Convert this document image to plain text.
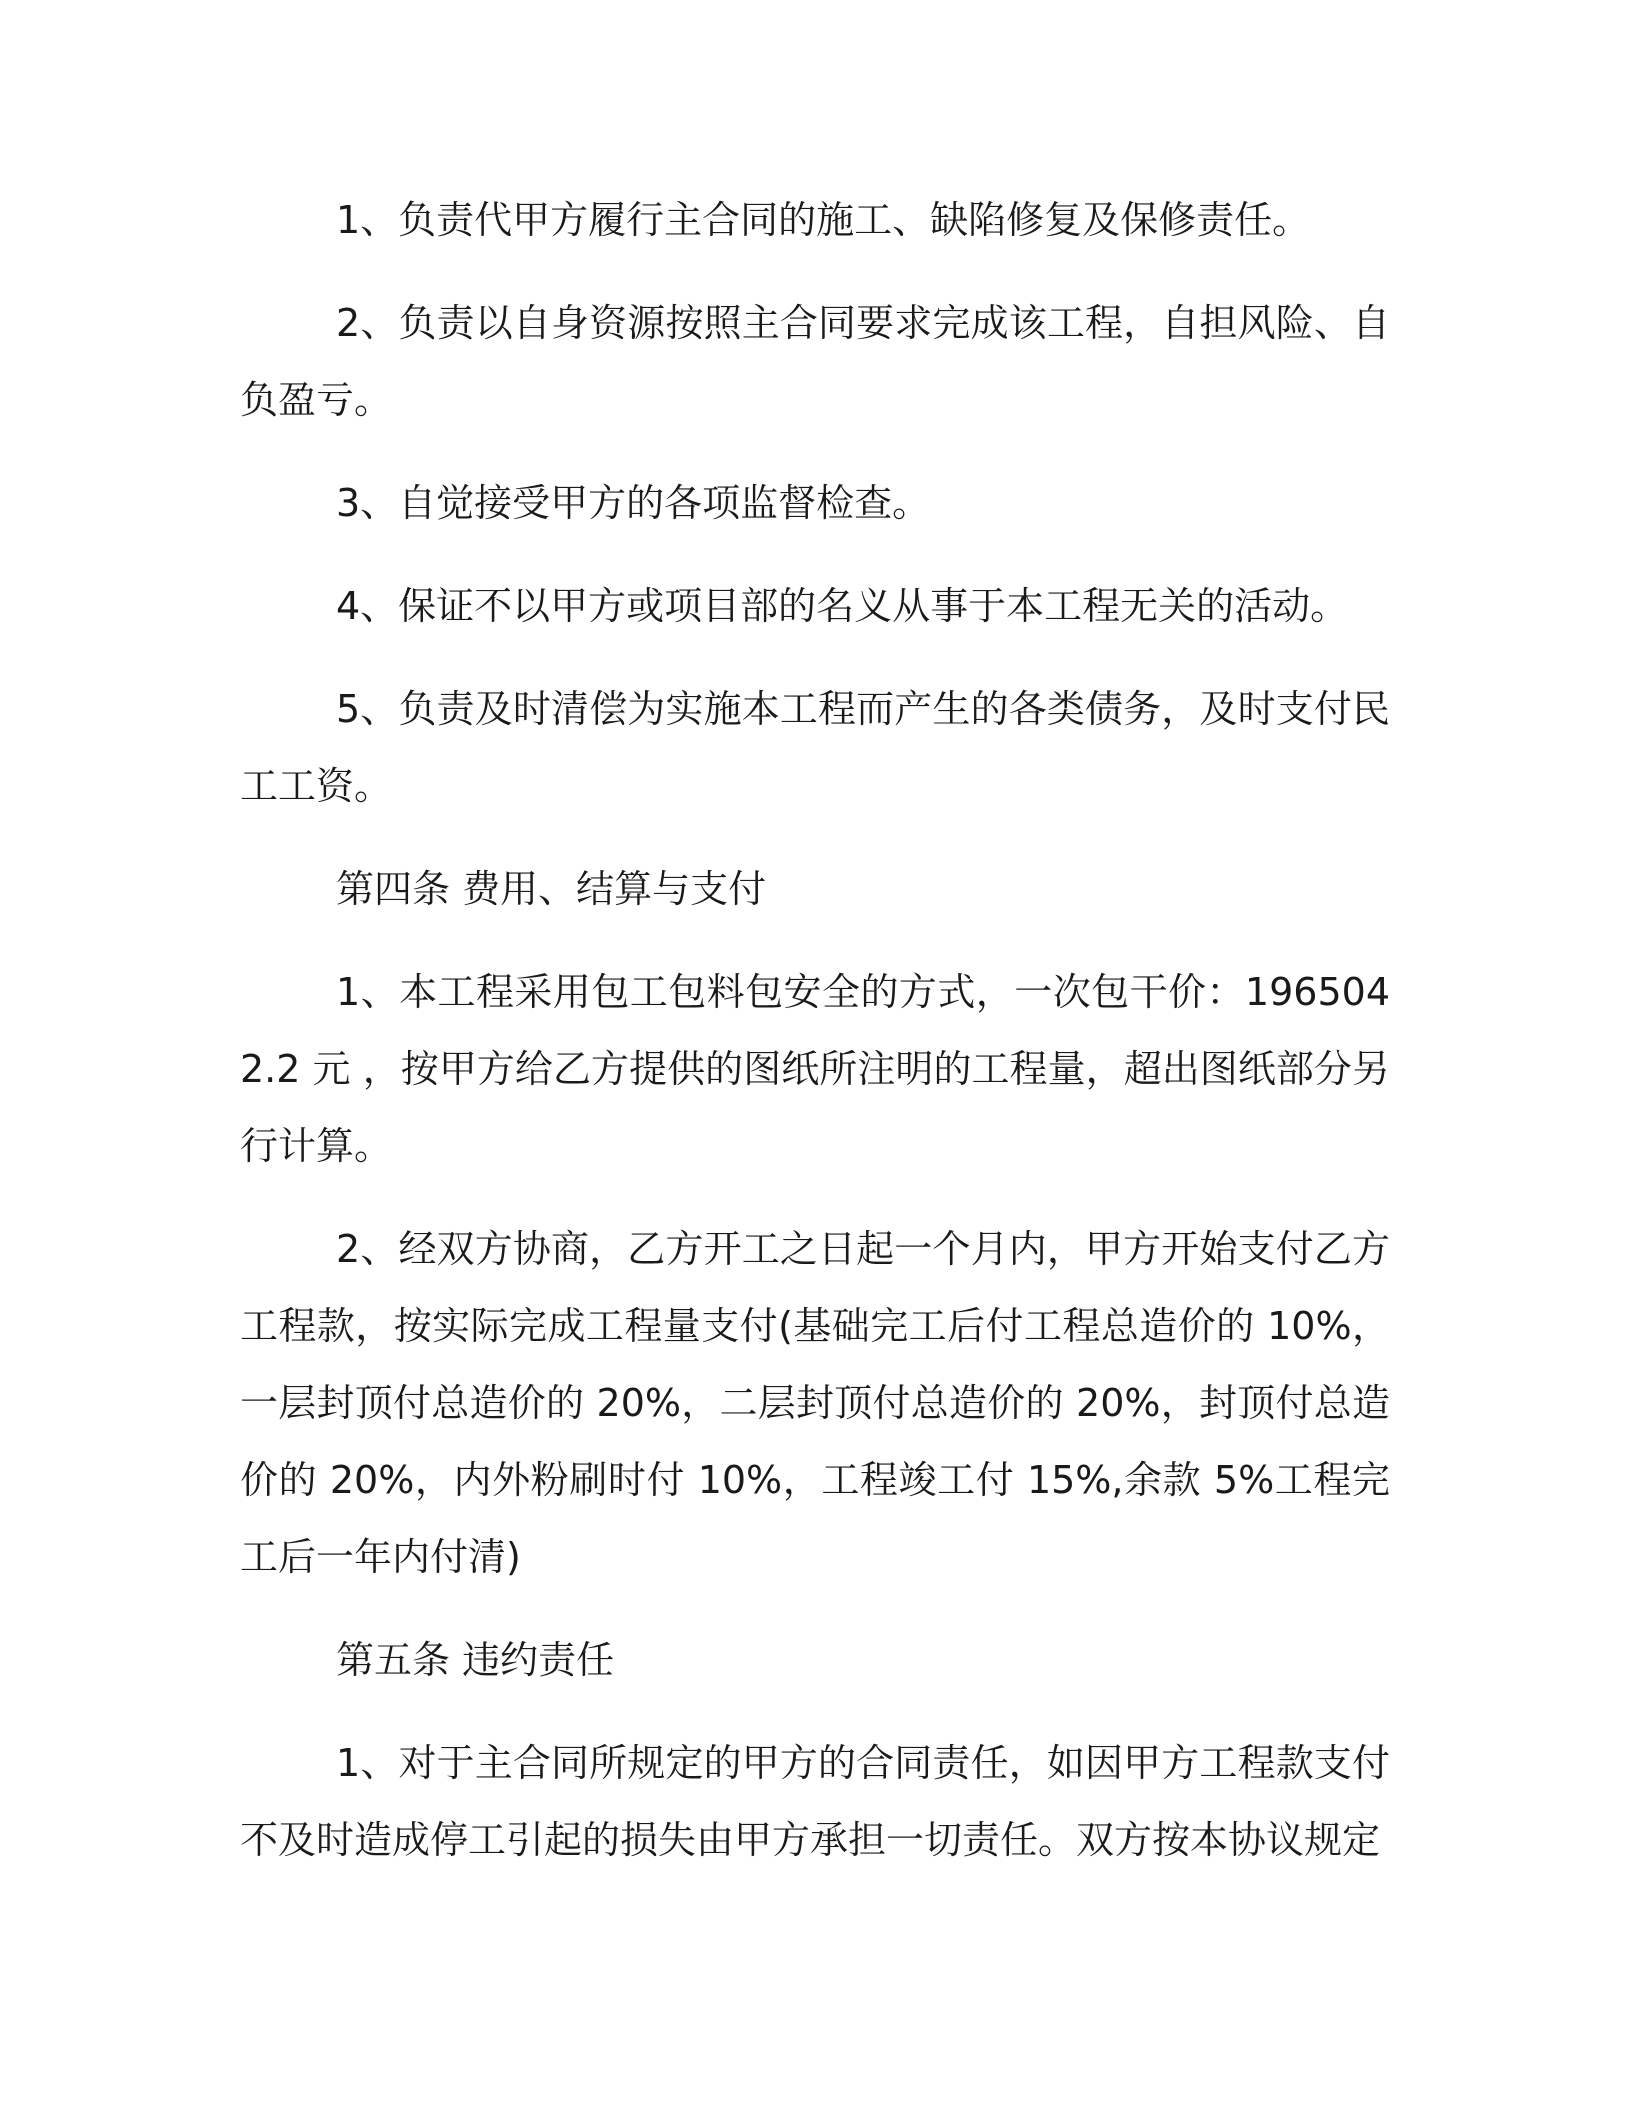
1、负责代甲方履行主合同的施工、缺陷修复及保修责任。

2、负责以自身资源按照主合同要求完成该工程，自担风险、自负盈亏。

3、自觉接受甲方的各项监督检查。

4、保证不以甲方或项目部的名义从事于本工程无关的活动。

5、负责及时清偿为实施本工程而产生的各类债务，及时支付民工工资。

第四条 费用、结算与支付

1、本工程采用包工包料包安全的方式，一次包干价：1965042.2 元 ，按甲方给乙方提供的图纸所注明的工程量，超出图纸部分另行计算。

2、经双方协商，乙方开工之日起一个月内，甲方开始支付乙方工程款，按实际完成工程量支付(基础完工后付工程总造价的 10%，一层封顶付总造价的 20%，二层封顶付总造价的 20%，封顶付总造价的 20%，内外粉刷时付 10%，工程竣工付 15%,余款 5%工程完工后一年内付清)

第五条 违约责任

1、对于主合同所规定的甲方的合同责任，如因甲方工程款支付不及时造成停工引起的损失由甲方承担一切责任。双方按本协议规定
